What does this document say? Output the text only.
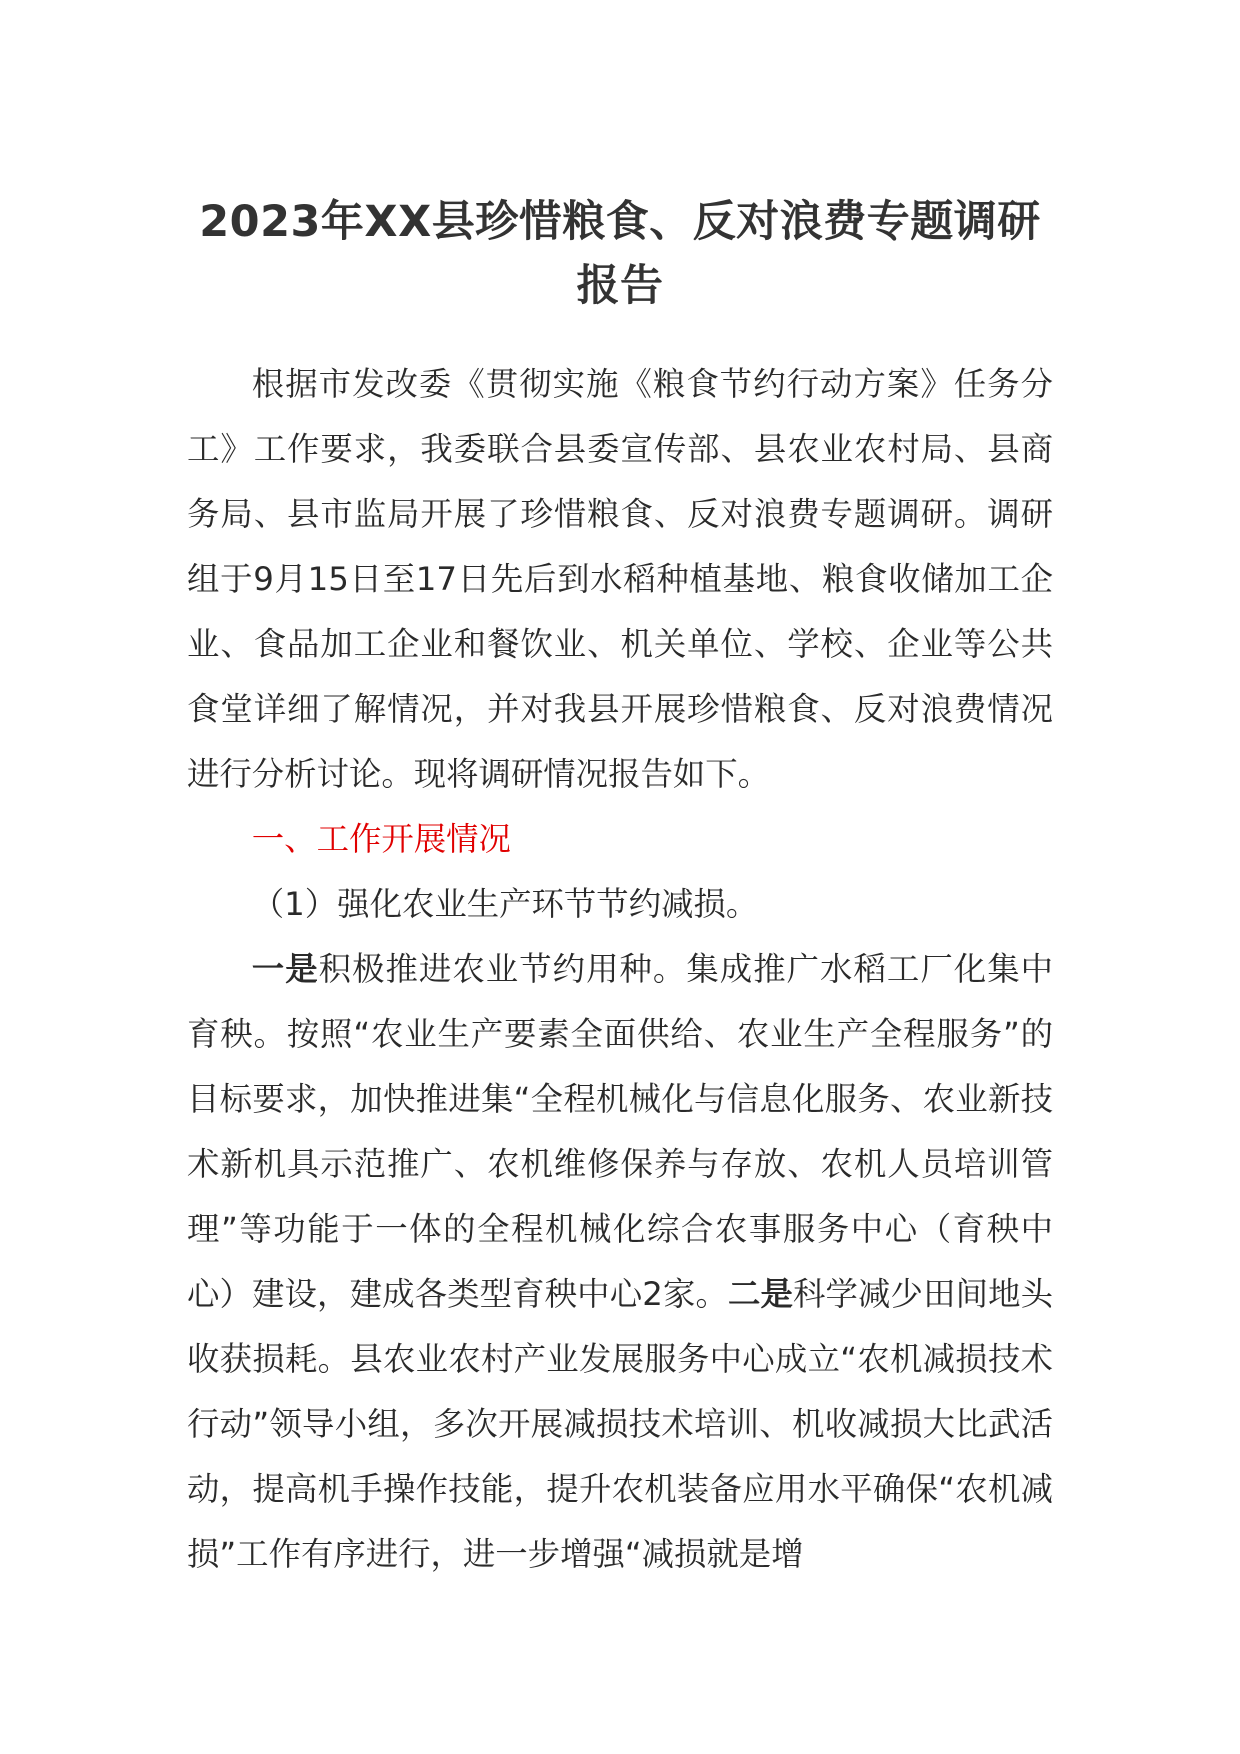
2023年XX县珍惜粮食、反对浪费专题调研报告

根据市发改委《贯彻实施《粮食节约行动方案》任务分工》工作要求，我委联合县委宣传部、县农业农村局、县商务局、县市监局开展了珍惜粮食、反对浪费专题调研。调研组于9月15日至17日先后到水稻种植基地、粮食收储加工企业、食品加工企业和餐饮业、机关单位、学校、企业等公共食堂详细了解情况，并对我县开展珍惜粮食、反对浪费情况进行分析讨论。现将调研情况报告如下。

一、工作开展情况

（1）强化农业生产环节节约减损。

一是积极推进农业节约用种。集成推广水稻工厂化集中育秧。按照“农业生产要素全面供给、农业生产全程服务”的目标要求，加快推进集“全程机械化与信息化服务、农业新技术新机具示范推广、农机维修保养与存放、农机人员培训管理”等功能于一体的全程机械化综合农事服务中心（育秧中心）建设，建成各类型育秧中心2家。二是科学减少田间地头收获损耗。县农业农村产业发展服务中心成立“农机减损技术行动”领导小组，多次开展减损技术培训、机收减损大比武活动，提高机手操作技能，提升农机装备应用水平确保“农机减损”工作有序进行，进一步增强“减损就是增
